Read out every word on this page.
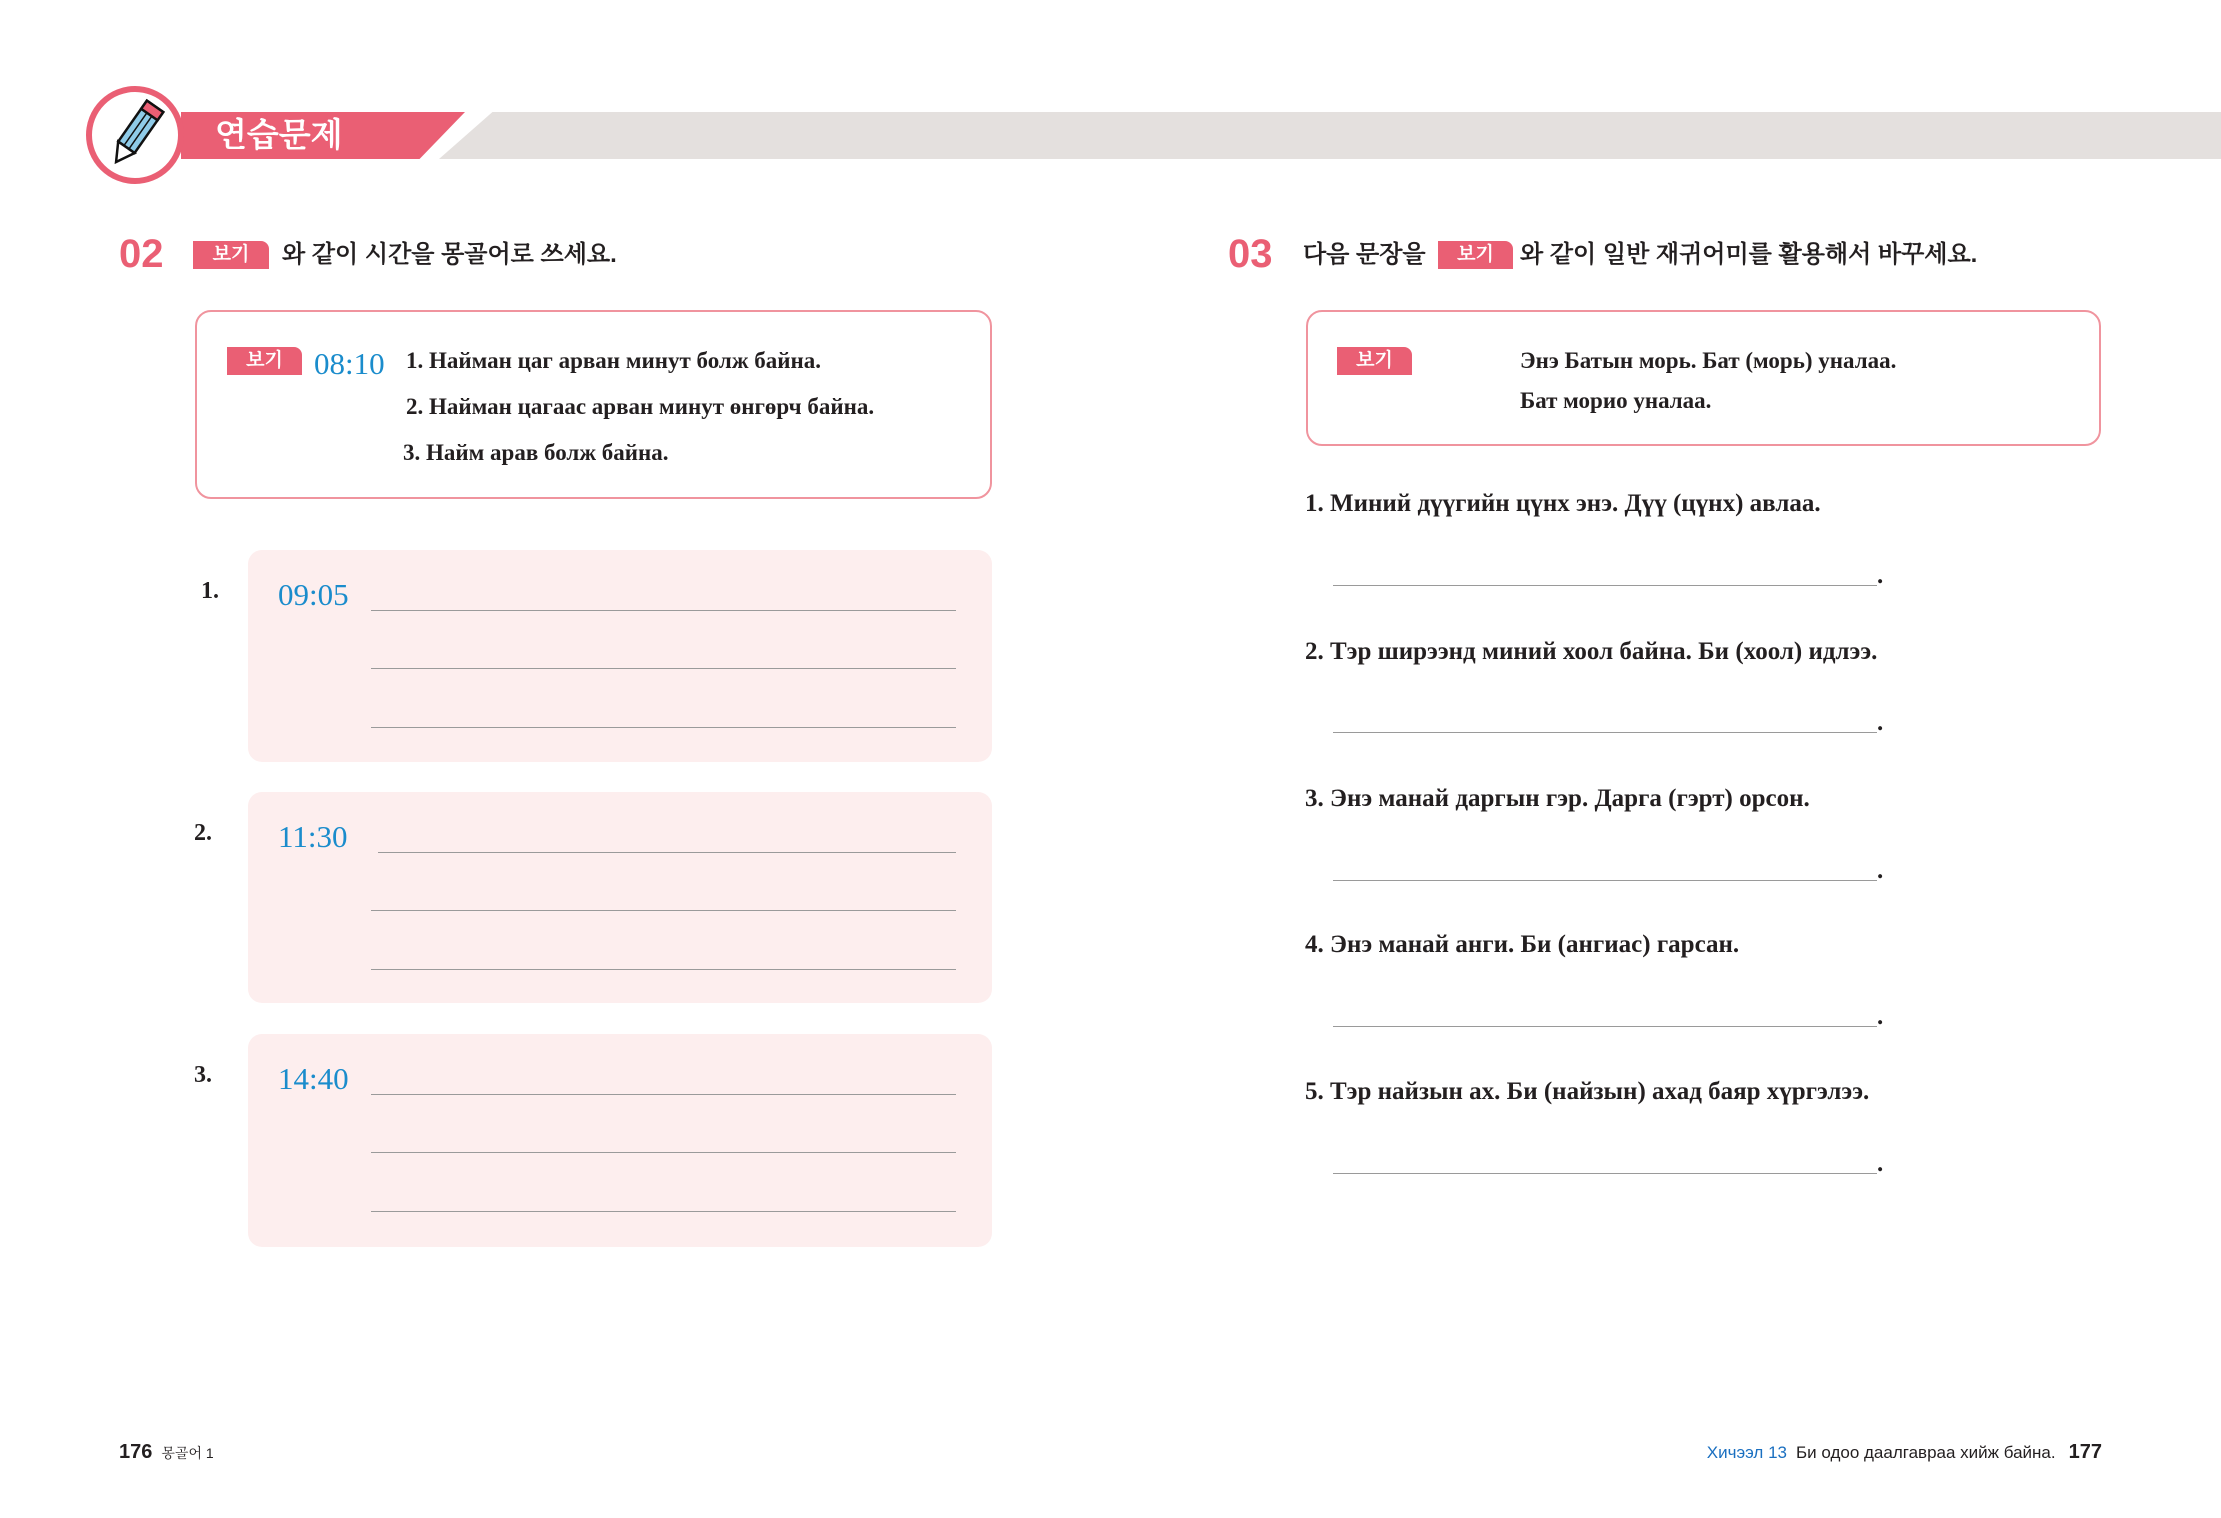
연습문제
02	보기	와 같이 시간을 몽골어로 쓰세요.
보기	08:10 1. Найман цаг арван минут болж байна.
2. Найман цагаас арван минут өнгөрч байна.
3. Найм арав болж байна.
1. 09:05
2. 11:30
3. 14:40
03 다음 문장을	보기	와 같이 일반 재귀어미를 활용해서 바꾸세요.
보기	Энэ Батын морь. Бат (морь) уналаа.
Бат морио уналаа.
1. Миний дүүгийн цүнх энэ. Дүү (цүнх) авлаа.
.
2. Тэр ширээнд миний хоол байна. Би (хоол) идлээ.
.
3. Энэ манай даргын гэр. Дарга (гэрт) орсон.
.
4. Энэ манай анги. Би (ангиас) гарсан.
.
5. Тэр найзын ах. Би (найзын) ахад баяр хүргэлээ.
.
176 몽골어 1	Хичээл 13 Би одоо даалгавраа хийж байна. 177
